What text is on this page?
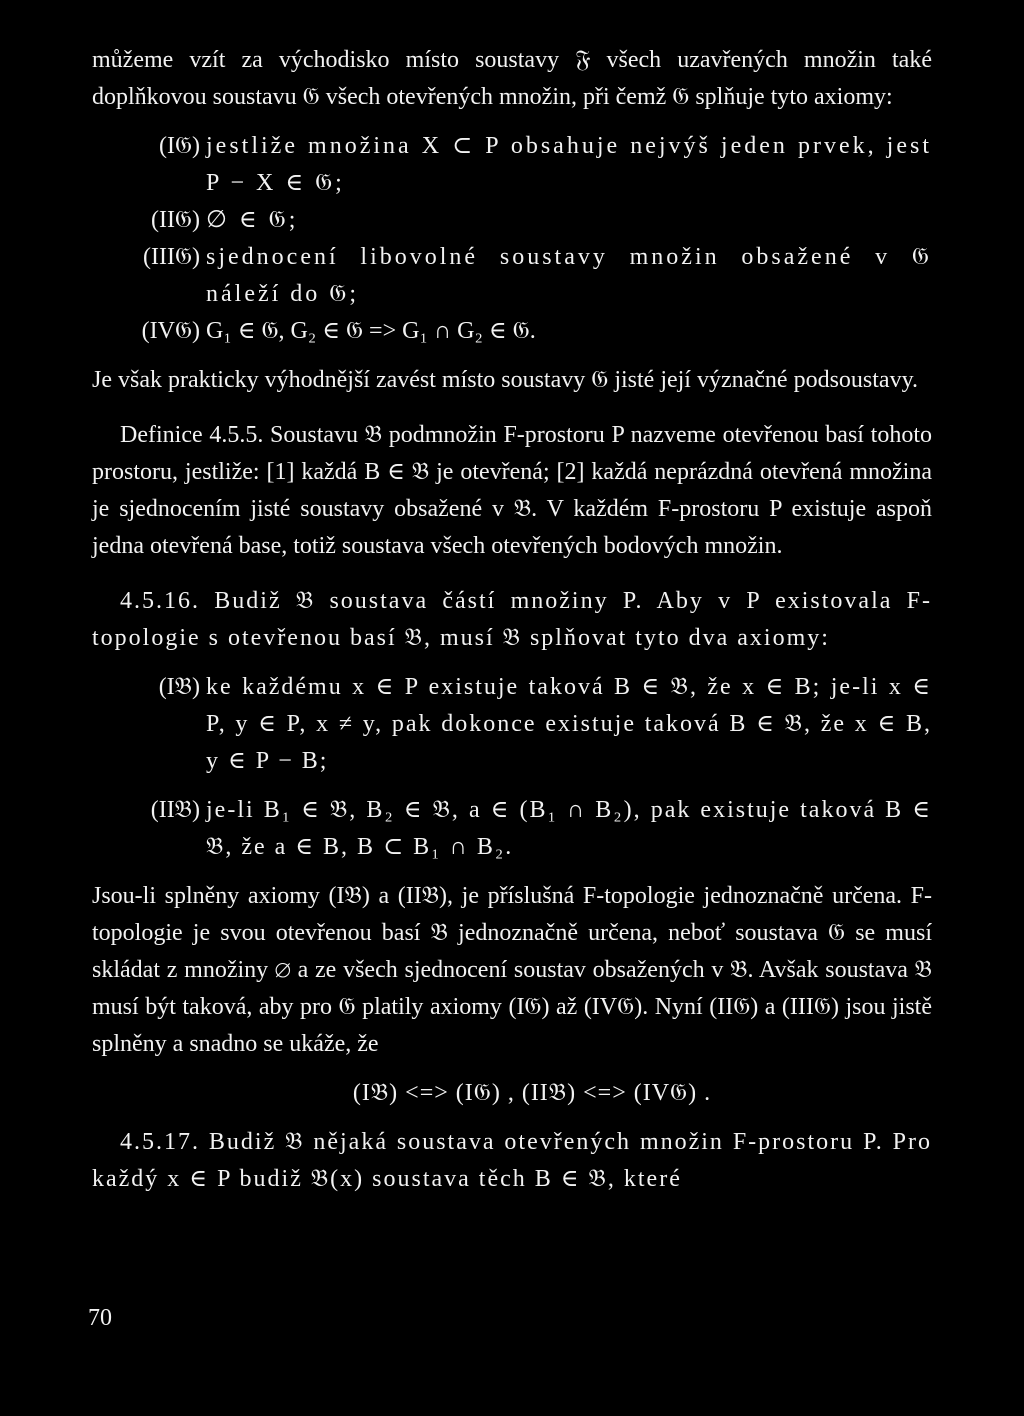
můžeme vzít za východisko místo soustavy 𝔉 všech uzavřených množin také doplňkovou soustavu 𝔊 všech otevřených množin, při čemž 𝔊 splňuje tyto axiomy:

(I𝔊) jestliže množina X ⊂ P obsahuje nejvýš jeden prvek, jest P − X ∈ 𝔊;
(II𝔊) ∅ ∈ 𝔊;
(III𝔊) sjednocení libovolné soustavy množin obsažené v 𝔊 náleží do 𝔊;
(IV𝔊) G₁ ∈ 𝔊, G₂ ∈ 𝔊 => G₁ ∩ G₂ ∈ 𝔊.

Je však prakticky výhodnější zavést místo soustavy 𝔊 jisté její význačné podsoustavy.

Definice 4.5.5. Soustavu 𝔅 podmnožin F-prostoru P nazveme otevřenou basí tohoto prostoru, jestliže: [1] každá B ∈ 𝔅 je otevřená; [2] každá neprázdná otevřená množina je sjednocením jisté soustavy obsažené v 𝔅. V každém F-prostoru P existuje aspoň jedna otevřená base, totiž soustava všech otevřených bodových množin.

4.5.16. Budiž 𝔅 soustava částí množiny P. Aby v P existovala F-topologie s otevřenou basí 𝔅, musí 𝔅 splňovat tyto dva axiomy:

(I𝔅) ke každému x ∈ P existuje taková B ∈ 𝔅, že x ∈ B; je-li x ∈ P, y ∈ P, x ≠ y, pak dokonce existuje taková B ∈ 𝔅, že x ∈ B, y ∈ P − B;
(II𝔅) je-li B₁ ∈ 𝔅, B₂ ∈ 𝔅, a ∈ (B₁ ∩ B₂), pak existuje taková B ∈ 𝔅, že a ∈ B, B ⊂ B₁ ∩ B₂.

Jsou-li splněny axiomy (I𝔅) a (II𝔅), je příslušná F-topologie jednoznačně určena. F-topologie je svou otevřenou basí 𝔅 jednoznačně určena, neboť soustava 𝔊 se musí skládat z množiny ∅ a ze všech sjednocení soustav obsažených v 𝔅. Avšak soustava 𝔅 musí být taková, aby pro 𝔊 platily axiomy (I𝔊) až (IV𝔊). Nyní (II𝔊) a (III𝔊) jsou jistě splněny a snadno se ukáže, že

(I𝔅) <=> (I𝔊) , (II𝔅) <=> (IV𝔊) .

4.5.17. Budiž 𝔅 nějaká soustava otevřených množin F-prostoru P. Pro každý x ∈ P budiž 𝔅(x) soustava těch B ∈ 𝔅, které

70
